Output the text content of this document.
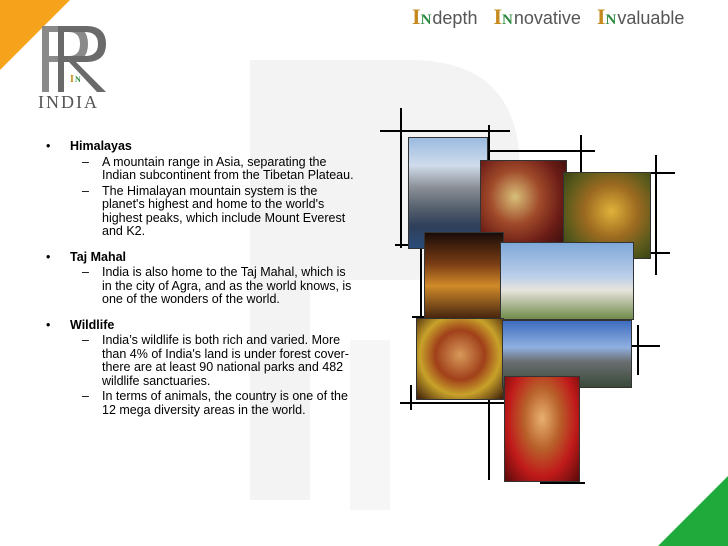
I N
INDIA
I N depth I N novative I N valuable
• Himalayas
– A mountain range in Asia, separating the Indian subcontinent from the Tibetan Plateau.
– The Himalayan mountain system is the planet's highest and home to the world's highest peaks, which include Mount Everest and K2.
• Taj Mahal
– India is also home to the Taj Mahal, which is in the city of Agra, and as the world knows, is one of the wonders of the world.
• Wildlife
– India’s wildlife is both rich and varied. More than 4% of India's land is under forest cover- there are at least 90 national parks and 482 wildlife sanctuaries.
– In terms of animals, the country is one of the 12 mega diversity areas in the world.
